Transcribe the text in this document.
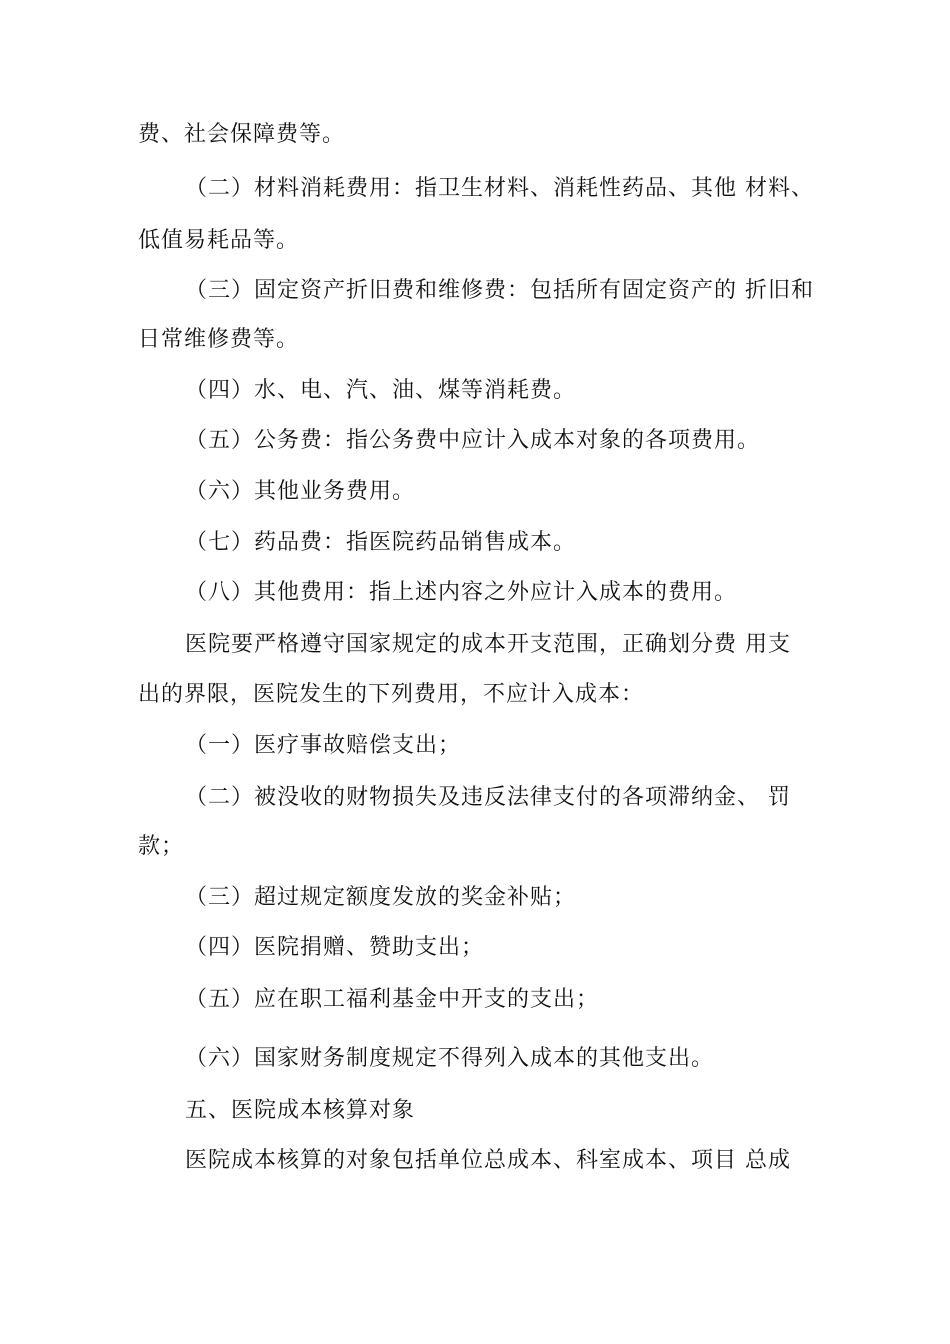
费、社会保障费等。
（二）材料消耗费用：指卫生材料、消耗性药品、其他 材料、
低值易耗品等。
（三）固定资产折旧费和维修费：包括所有固定资产的 折旧和
日常维修费等。
（四）水、电、汽、油、煤等消耗费。
（五）公务费：指公务费中应计入成本对象的各项费用。
（六）其他业务费用。
（七）药品费：指医院药品销售成本。
（八）其他费用：指上述内容之外应计入成本的费用。
医院要严格遵守国家规定的成本开支范围，正确划分费 用支
出的界限，医院发生的下列费用，不应计入成本：
（一）医疗事故赔偿支出；
（二）被没收的财物损失及违反法律支付的各项滞纳金、 罚
款；
（三）超过规定额度发放的奖金补贴；
（四）医院捐赠、赞助支出；
（五）应在职工福利基金中开支的支出；
（六）国家财务制度规定不得列入成本的其他支出。
五、医院成本核算对象
医院成本核算的对象包括单位总成本、科室成本、项目 总成
